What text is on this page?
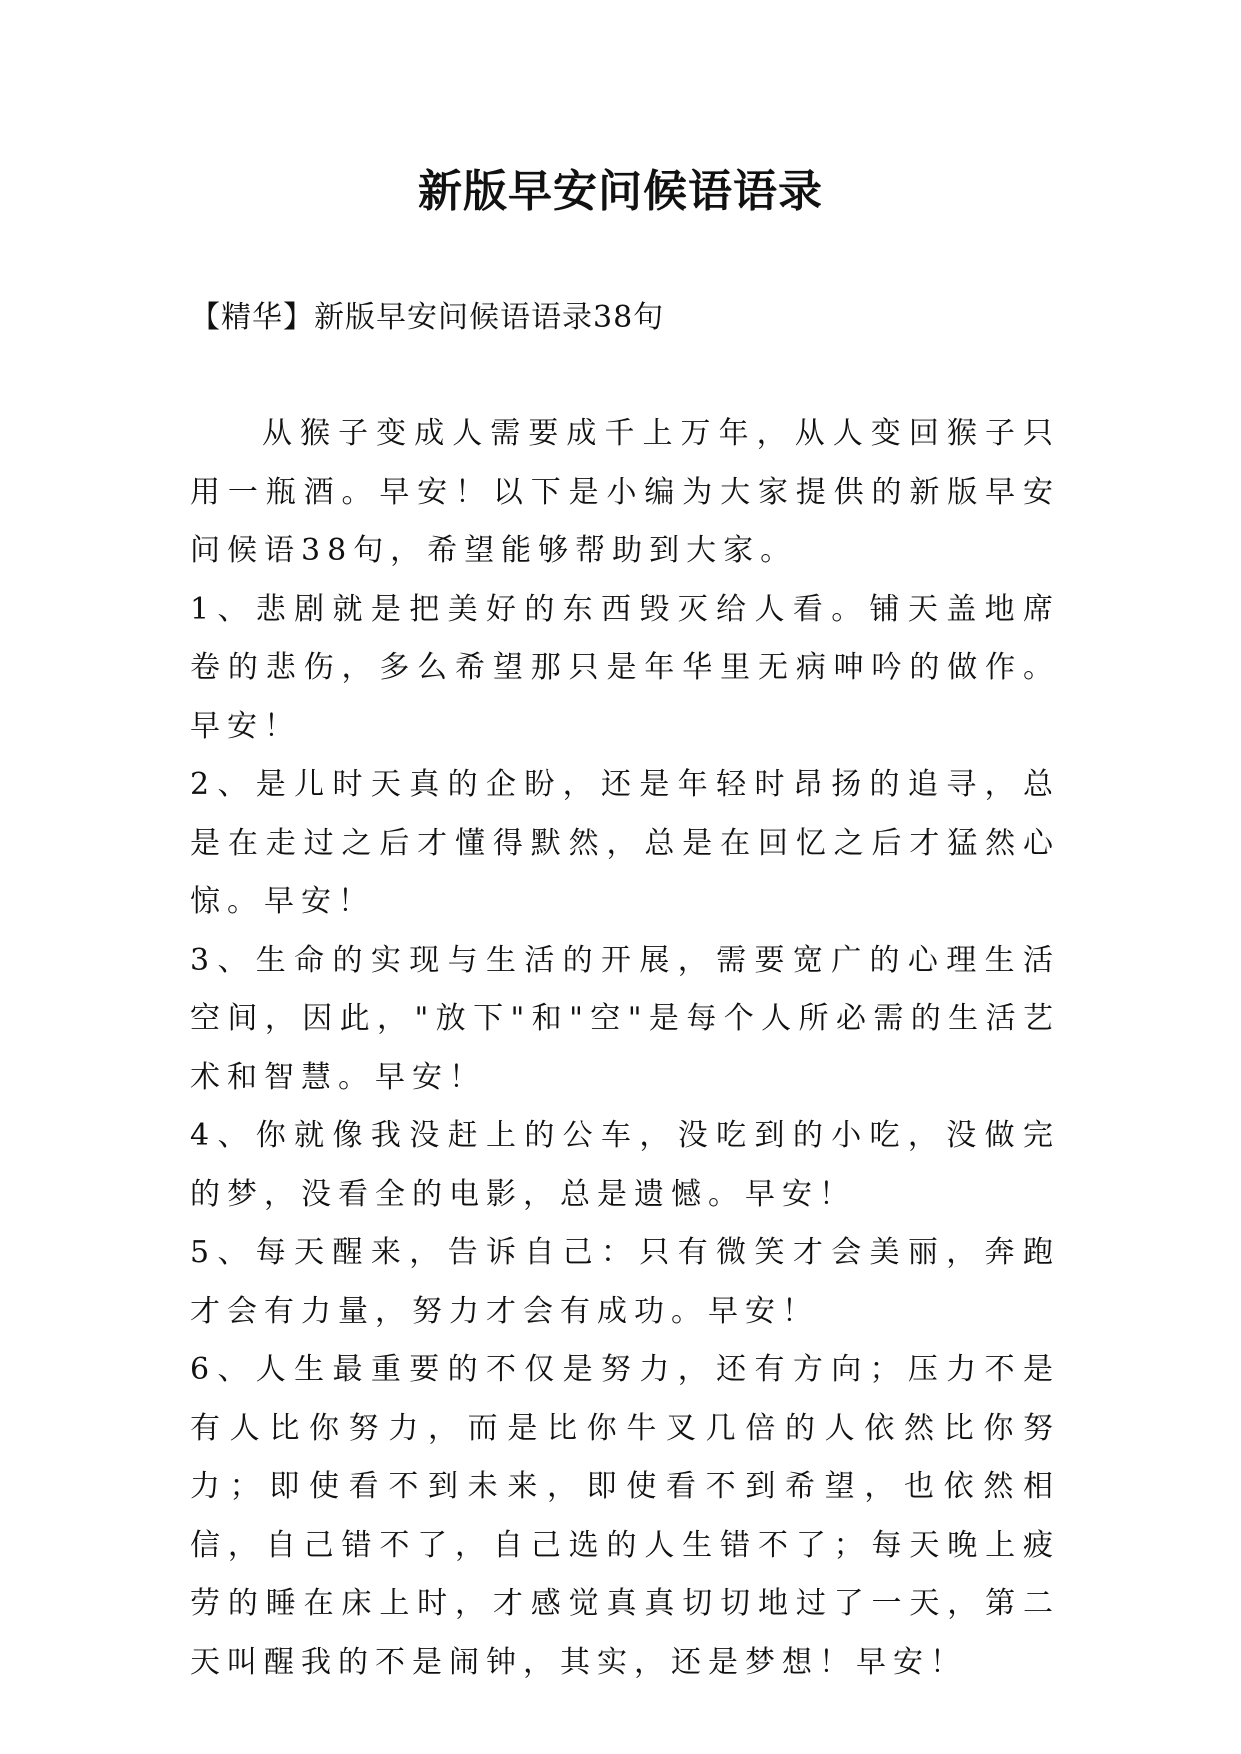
新版早安问候语语录

【精华】新版早安问候语语录38句

从猴子变成人需要成千上万年，从人变回猴子只用一瓶酒。早安！以下是小编为大家提供的新版早安问候语38句，希望能够帮助到大家。

1、悲剧就是把美好的东西毁灭给人看。铺天盖地席卷的悲伤，多么希望那只是年华里无病呻吟的做作。早安！

2、是儿时天真的企盼，还是年轻时昂扬的追寻，总是在走过之后才懂得默然，总是在回忆之后才猛然心惊。早安！

3、生命的实现与生活的开展，需要宽广的心理生活空间，因此，"放下"和"空"是每个人所必需的生活艺术和智慧。早安！

4、你就像我没赶上的公车，没吃到的小吃，没做完的梦，没看全的电影，总是遗憾。早安！

5、每天醒来，告诉自己：只有微笑才会美丽，奔跑才会有力量，努力才会有成功。早安！

6、人生最重要的不仅是努力，还有方向；压力不是有人比你努力，而是比你牛叉几倍的人依然比你努力；即使看不到未来，即使看不到希望，也依然相信，自己错不了，自己选的人生错不了；每天晚上疲劳的睡在床上时，才感觉真真切切地过了一天，第二天叫醒我的不是闹钟，其实，还是梦想！早安！
